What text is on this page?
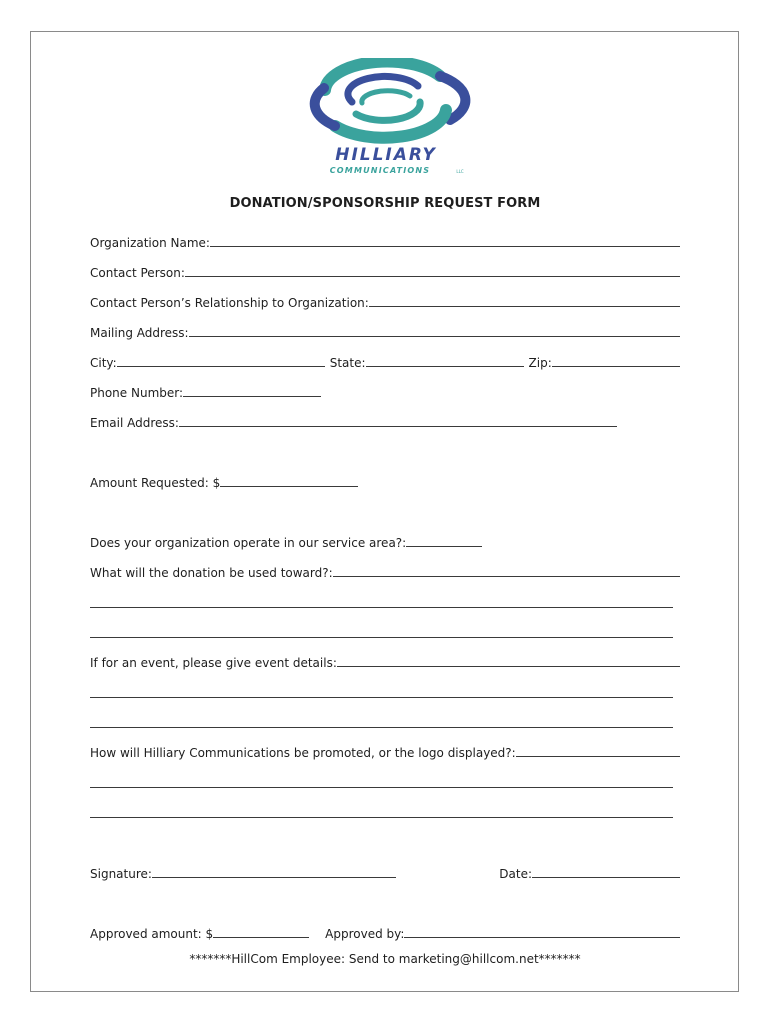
HILLIARY
COMMUNICATIONS	LLC
DONATION/SPONSORSHIP REQUEST FORM
Organization Name:
Contact Person:
Contact Person’s Relationship to Organization:
Mailing Address:
City:	State:	Zip:
Phone Number:
Email Address:
Amount Requested: $
Does your organization operate in our service area?:
What will the donation be used toward?:
If for an event, please give event details:
How will Hilliary Communications be promoted, or the logo displayed?:
Signature:	Date:
Approved amount: $	Approved by:
*******HillCom Employee: Send to marketing@hillcom.net*******
